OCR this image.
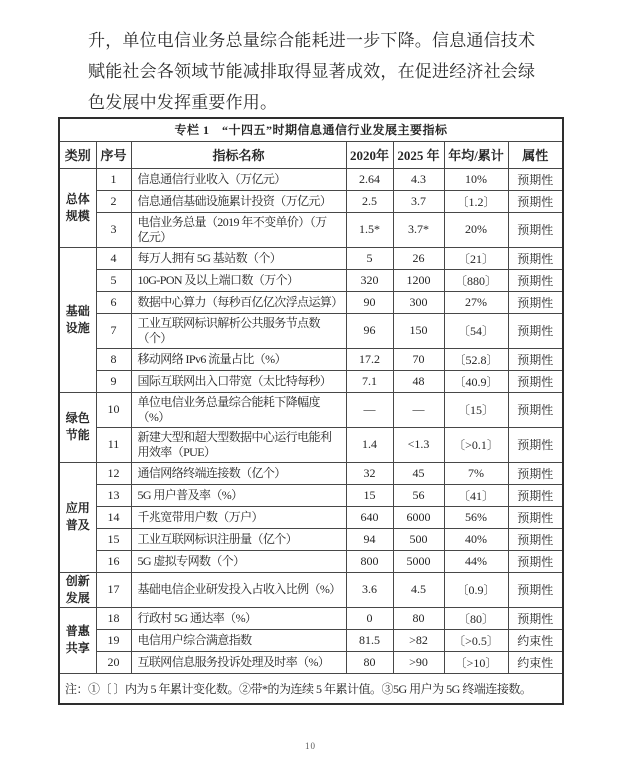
升，单位电信业务总量综合能耗进一步下降。信息通信技术
赋能社会各领域节能减排取得显著成效，在促进经济社会绿
色发展中发挥重要作用。
专栏 1　“十四五”时期信息通信行业发展主要指标						
类别	序号	指标名称	2020年	2025 年	年均/累计	属性
总体
规模	1	信息通信行业收入（万亿元）	2.64	4.3	10%	预期性
	2	信息通信基础设施累计投资（万亿元）	2.5	3.7	〔1.2〕	预期性
	3	电信业务总量（2019 年不变单价）（万
亿元）	1.5*	3.7*	20%	预期性
基础
设施	4	每万人拥有 5G 基站数（个）	5	26	〔21〕	预期性
	5	10G-PON 及以上端口数（万个）	320	1200	〔880〕	预期性
	6	数据中心算力（每秒百亿亿次浮点运算）	90	300	27%	预期性
	7	工业互联网标识解析公共服务节点数
（个）	96	150	〔54〕	预期性
	8	移动网络 IPv6 流量占比（%）	17.2	70	〔52.8〕	预期性
	9	国际互联网出入口带宽（太比特每秒）	7.1	48	〔40.9〕	预期性
绿色
节能	10	单位电信业务总量综合能耗下降幅度
（%）	—	—	〔15〕	预期性
	11	新建大型和超大型数据中心运行电能利
用效率（PUE）	1.4	<1.3	〔>0.1〕	预期性
应用
普及	12	通信网络终端连接数（亿个）	32	45	7%	预期性
	13	5G 用户普及率（%）	15	56	〔41〕	预期性
	14	千兆宽带用户数（万户）	640	6000	56%	预期性
	15	工业互联网标识注册量（亿个）	94	500	40%	预期性
	16	5G 虚拟专网数（个）	800	5000	44%	预期性
创新
发展	17	基础电信企业研发投入占收入比例（%）	3.6	4.5	〔0.9〕	预期性
普惠
共享	18	行政村 5G 通达率（%）	0	80	〔80〕	预期性
	19	电信用户综合满意指数	81.5	>82	〔>0.5〕	约束性
	20	互联网信息服务投诉处理及时率（%）	80	>90	〔>10〕	约束性
注：①〔 〕内为 5 年累计变化数。②带*的为连续 5 年累计值。③5G 用户为 5G 终端连接数。						
10
